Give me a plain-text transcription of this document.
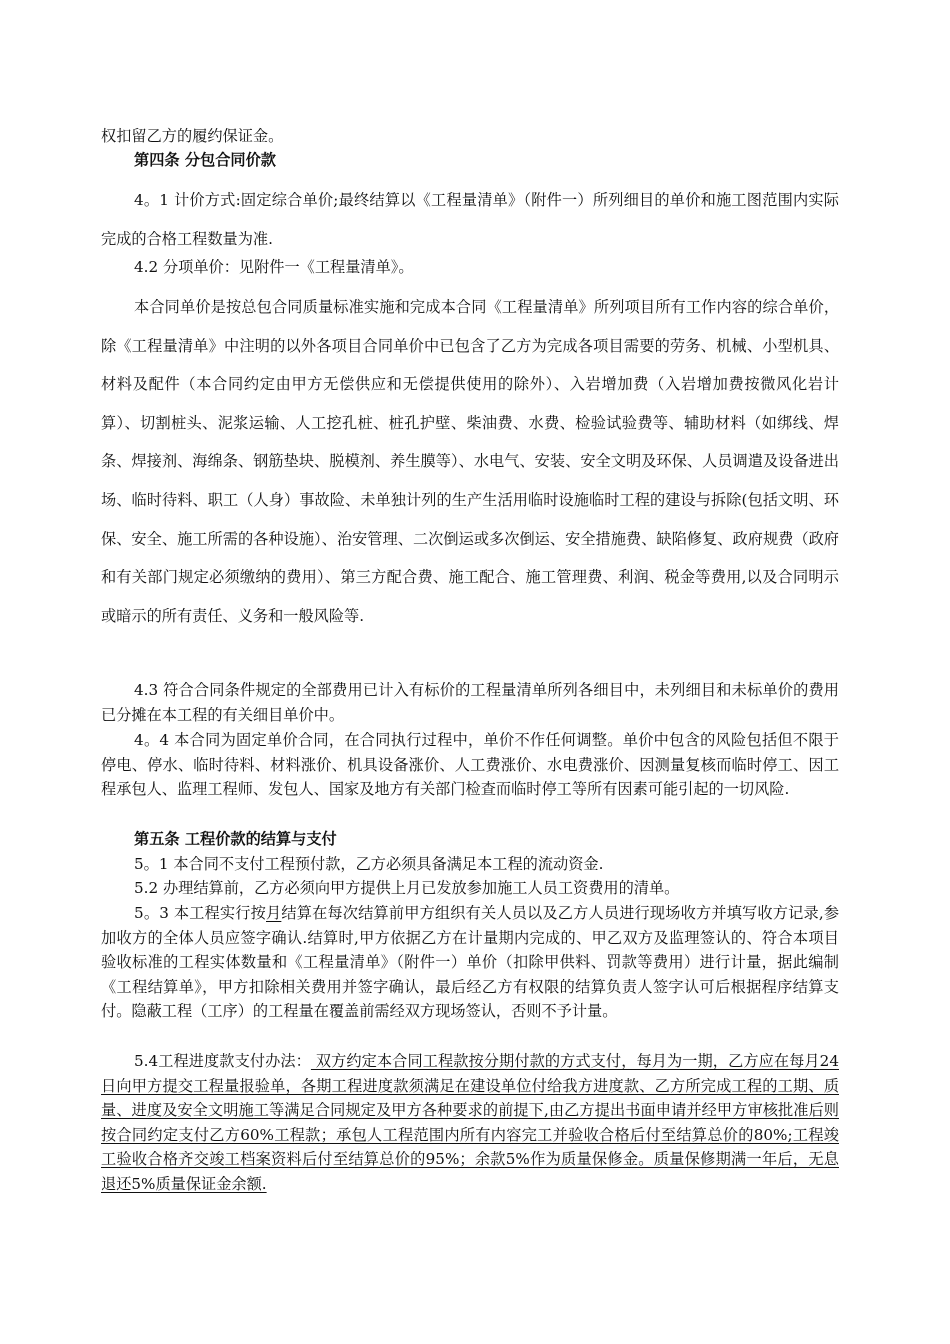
权扣留乙方的履约保证金。

第四条 分包合同价款

4。1 计价方式:固定综合单价;最终结算以《工程量清单》（附件一）所列细目的单价和施工图范围内实际完成的合格工程数量为准.

4.2 分项单价：见附件一《工程量清单》。

本合同单价是按总包合同质量标准实施和完成本合同《工程量清单》所列项目所有工作内容的综合单价，除《工程量清单》中注明的以外各项目合同单价中已包含了乙方为完成各项目需要的劳务、机械、小型机具、材料及配件（本合同约定由甲方无偿供应和无偿提供使用的除外）、入岩增加费（入岩增加费按微风化岩计算）、切割桩头、泥浆运输、人工挖孔桩、桩孔护壁、柴油费、水费、检验试验费等、辅助材料（如绑线、焊条、焊接剂、海绵条、钢筋垫块、脱模剂、养生膜等）、水电气、安装、安全文明及环保、人员调遣及设备进出场、临时待料、职工（人身）事故险、未单独计列的生产生活用临时设施临时工程的建设与拆除(包括文明、环保、安全、施工所需的各种设施）、治安管理、二次倒运或多次倒运、安全措施费、缺陷修复、政府规费（政府和有关部门规定必须缴纳的费用）、第三方配合费、施工配合、施工管理费、利润、税金等费用,以及合同明示或暗示的所有责任、义务和一般风险等.

4.3 符合合同条件规定的全部费用已计入有标价的工程量清单所列各细目中，未列细目和未标单价的费用已分摊在本工程的有关细目单价中。

4。4 本合同为固定单价合同，在合同执行过程中，单价不作任何调整。单价中包含的风险包括但不限于停电、停水、临时待料、材料涨价、机具设备涨价、人工费涨价、水电费涨价、因测量复核而临时停工、因工程承包人、监理工程师、发包人、国家及地方有关部门检查而临时停工等所有因素可能引起的一切风险.

第五条 工程价款的结算与支付

5。1 本合同不支付工程预付款，乙方必须具备满足本工程的流动资金.

5.2 办理结算前，乙方必须向甲方提供上月已发放参加施工人员工资费用的清单。

5。3 本工程实行按月结算在每次结算前甲方组织有关人员以及乙方人员进行现场收方并填写收方记录,参加收方的全体人员应签字确认.结算时,甲方依据乙方在计量期内完成的、甲乙双方及监理签认的、符合本项目验收标准的工程实体数量和《工程量清单》（附件一）单价（扣除甲供料、罚款等费用）进行计量，据此编制《工程结算单》，甲方扣除相关费用并签字确认，最后经乙方有权限的结算负责人签字认可后根据程序结算支付。隐蔽工程（工序）的工程量在覆盖前需经双方现场签认，否则不予计量。

5.4工程进度款支付办法： 双方约定本合同工程款按分期付款的方式支付，每月为一期，乙方应在每月24日向甲方提交工程量报验单，各期工程进度款须满足在建设单位付给我方进度款、乙方所完成工程的工期、质量、进度及安全文明施工等满足合同规定及甲方各种要求的前提下,由乙方提出书面申请并经甲方审核批准后则按合同约定支付乙方60%工程款；承包人工程范围内所有内容完工并验收合格后付至结算总价的80%;工程竣工验收合格齐交竣工档案资料后付至结算总价的95%；余款5%作为质量保修金。质量保修期满一年后，无息退还5%质量保证金余额.
